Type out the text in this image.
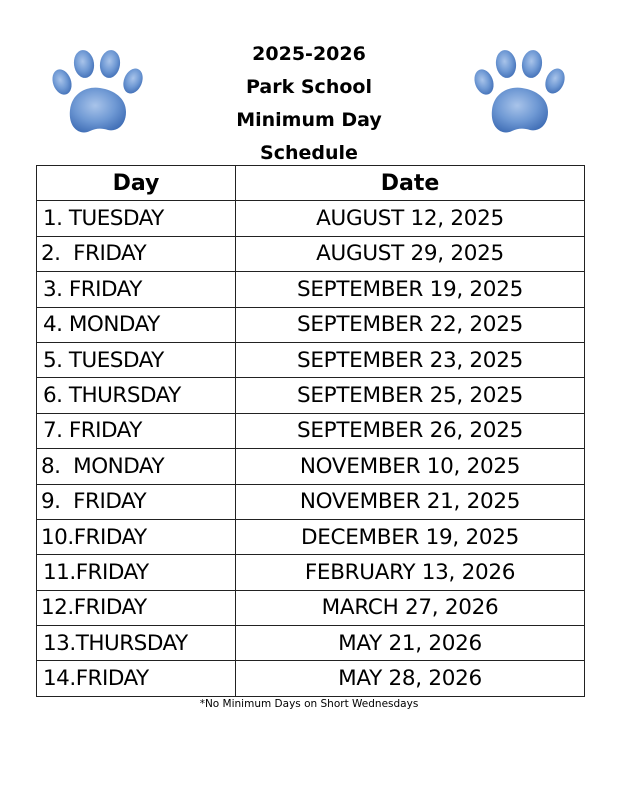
2025-2026
Park School
Minimum Day
Schedule
Day	Date
1. TUESDAY	AUGUST 12, 2025
2.  FRIDAY	AUGUST 29, 2025
3. FRIDAY	SEPTEMBER 19, 2025
4. MONDAY	SEPTEMBER 22, 2025
5. TUESDAY	SEPTEMBER 23, 2025
6. THURSDAY	SEPTEMBER 25, 2025
7. FRIDAY	SEPTEMBER 26, 2025
8.  MONDAY	NOVEMBER 10, 2025
9.  FRIDAY	NOVEMBER 21, 2025
10.FRIDAY	DECEMBER 19, 2025
11.FRIDAY	FEBRUARY 13, 2026
12.FRIDAY	MARCH 27, 2026
13.THURSDAY	MAY 21, 2026
14.FRIDAY	MAY 28, 2026
*No Minimum Days on Short Wednesdays
